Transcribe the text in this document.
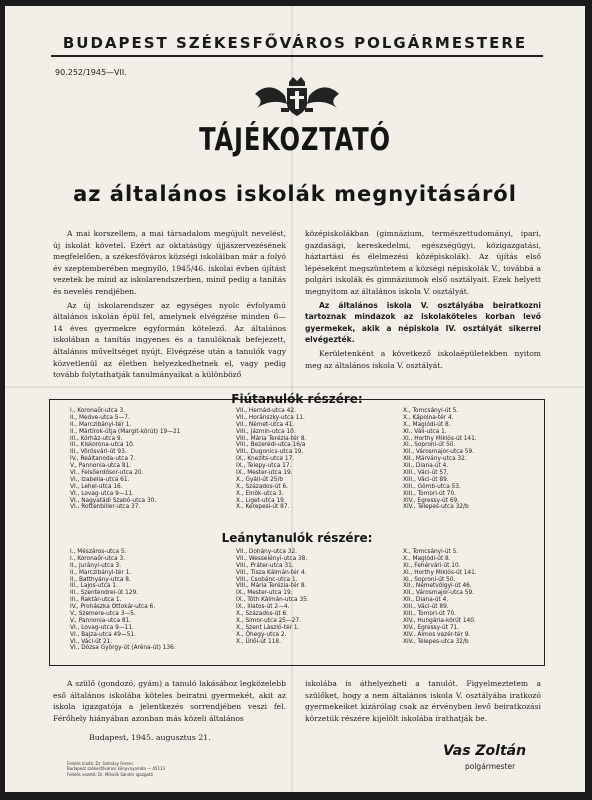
BUDAPEST SZÉKESFŐVÁROS POLGÁRMESTERE
90.252/1945—VII.
TÁJÉKOZTATÓ
az általános iskolák megnyitásáról

A mai korszellem, a mai társadalom megújult nevelést, új iskolát követel. Ezért az oktatásügy újjászervezésének megfelelően, a székesfőváros községi iskoláiban már a folyó év szeptemberében megnyíló, 1945/46. iskolai évben újítást vezetek be mind az iskolarendszerben, mind pedig a tanítás és nevelés rendjében.

Az új iskolarendszer az egységes nyolc évfolyamú általános iskolán épül fel, amelynek elvégzése minden 6—14 éves gyermekre egyformán kötelező. Az általános iskolában a tanítás ingyenes és a tanulóknak befejezett, általános műveltséget nyújt. Elvégzése után a tanulók vagy közvetlenül az életben helyezkedhetnek el, vagy pedig tovább folytathatják tanulmányaikat a különböző

középiskolákban (gimnázium, természettudományi, ipari, gazdasági, kereskedelmi, egészségügyi, közigazgatási, háztartási és élelmezési középiskolák). Az újítás első lépéseként megszüntetem a községi népiskolák V., továbbá a polgári iskolák és gimnáziumok első osztályait. Ezek helyett megnyitom az általános iskola V. osztályát.

Az általános iskola V. osztályába beiratkozni tartoznak mindazok az iskolaköteles korban levő gyermekek, akik a népiskola IV. osztályát sikerrel elvégezték.

Kerületenként a következő iskolaépületekben nyitom meg az általános iskola V. osztályát.

Fiútanulók részére:
I., Koronaőr-utca 3.
II., Medve-utca 5—7.
II., Marczibányi-tér 1.
II., Mártírok-útja (Margit-körút) 19—21
III., Kórház-utca 9.
III., Kiskorona-utca 10.
III., Vörösvári-út 93.
IV., Reáltanoda-utca 7.
V., Pannonia-utca 81.
VI., Felsőerdősor-utca 20.
VI., Izabella-utca 61.
VI., Lehel-utca 16.
VI., Lovag-utca 9—11.
VI., Nagyatádi Szabó-utca 30.
VI., Rottenbiller-utca 37.
VII., Hernád-utca 42.
VII., Horánszky-utca 11.
VII., Német-utca 41.
VIII., Jázmin-utca 10.
VIII., Mária Terézia-tér 8.
VIII., Bezerédi-utca 16/a
VIII., Dugonics-utca 19.
IX., Knezits-utca 17.
IX., Telepy-utca 17.
IX., Mester-utca 19.
X., Gyáli-út 25/b
X., Százados-út 6.
X., Elnök-utca 3.
X., Liget-utca 19.
X., Kerepesi-út 87.
X., Tomcsányi-út 5.
X., Kápolna-tér 4.
X., Maglódi-út 8.
XI., Váli-utca 1.
XI., Horthy Miklós-út 141.
XI., Soproni-út 50.
XII., Városmajor-utca 59.
XII., Márvány-utca 32.
XII., Diana-út 4.
XIII., Váci-út 57.
XIII., Váci-út 89.
XIII., Gömb-utca 53.
XIII., Tomori-út 70.
XIV., Egressy-út 69.
XIV., Telepes-utca 32/b
Leánytanulók részére:
I., Mészáros-utca 5.
I., Koronaőr-utca 3.
II., Jurányi-utca 3.
II., Marczibányi-tér 1.
II., Batthyány-utca 8.
III., Lajos-utca 1.
III., Szentendrei-út 129.
III., Raktár-utca 1.
IV., Prohászka Ottokár-utca 6.
V., Szemere-utca 3—5.
V., Pannonia-utca 81.
VI., Lovag-utca 9—11.
VI., Bajza-utca 49—51.
VI., Váci-út 21.
VI., Dózsa György-út (Aréna-út) 136.
VII., Dohány-utca 32.
VII., Wesselényi-utca 38.
VIII., Práter-utca 31.
VIII., Tisza Kálmán-tér 4.
VIII., Csobánc-utca 1.
VIII., Mária Terézia-tér 8.
IX., Mester-utca 19.
IX., Tóth Kálmán-utca 35.
IX., Illatos-út 2—4.
X., Százados-út 6.
X., Simor-utca 25—27.
X., Szent László-tér 1.
X., Óhegy-utca 2.
X., Üllői-út 118.
X., Tomcsányi-út 5.
X., Maglódi-út 8.
XI., Fehérvári-út 10.
XI., Horthy Miklós-út 141.
XI., Soproni-út 50.
XII., Németvölgyi-út 46.
XII., Városmajor-utca 59.
XII., Diana-út 4.
XIII., Váci-út 89.
XIII., Tomori-út 70.
XIV., Hungária-körút 140.
XIV., Egressy-út 71.
XIV., Álmos vezér-tér 9.
XIV., Telepes-utca 32/b

A szülő (gondozó, gyám) a tanuló lakásához legközelebb eső általános iskolába köteles beiratni gyermekét, akit az iskola igazgatója a jelentkezés sorrendjében veszi fel. Férőhely hiányában azonban más közeli általános

iskolába is áthelyezheti a tanulót. Figyelmeztetem a szülőket, hogy a nem általános iskola V. osztályába iratkozó gyermekeiket kizárólag csak az érvényben levő beiratkozási körzetük részére kijelölt iskolába írathatják be.

Budapest, 1945. augusztus 21.
Vas Zoltán
polgármester
Felelős kiadó: Dr. Szénásy Ferenc
Budapest székesfővárosi könyvnyomda — 45113
Felelős vezető: Dr. Mihalik Sándor igazgató
